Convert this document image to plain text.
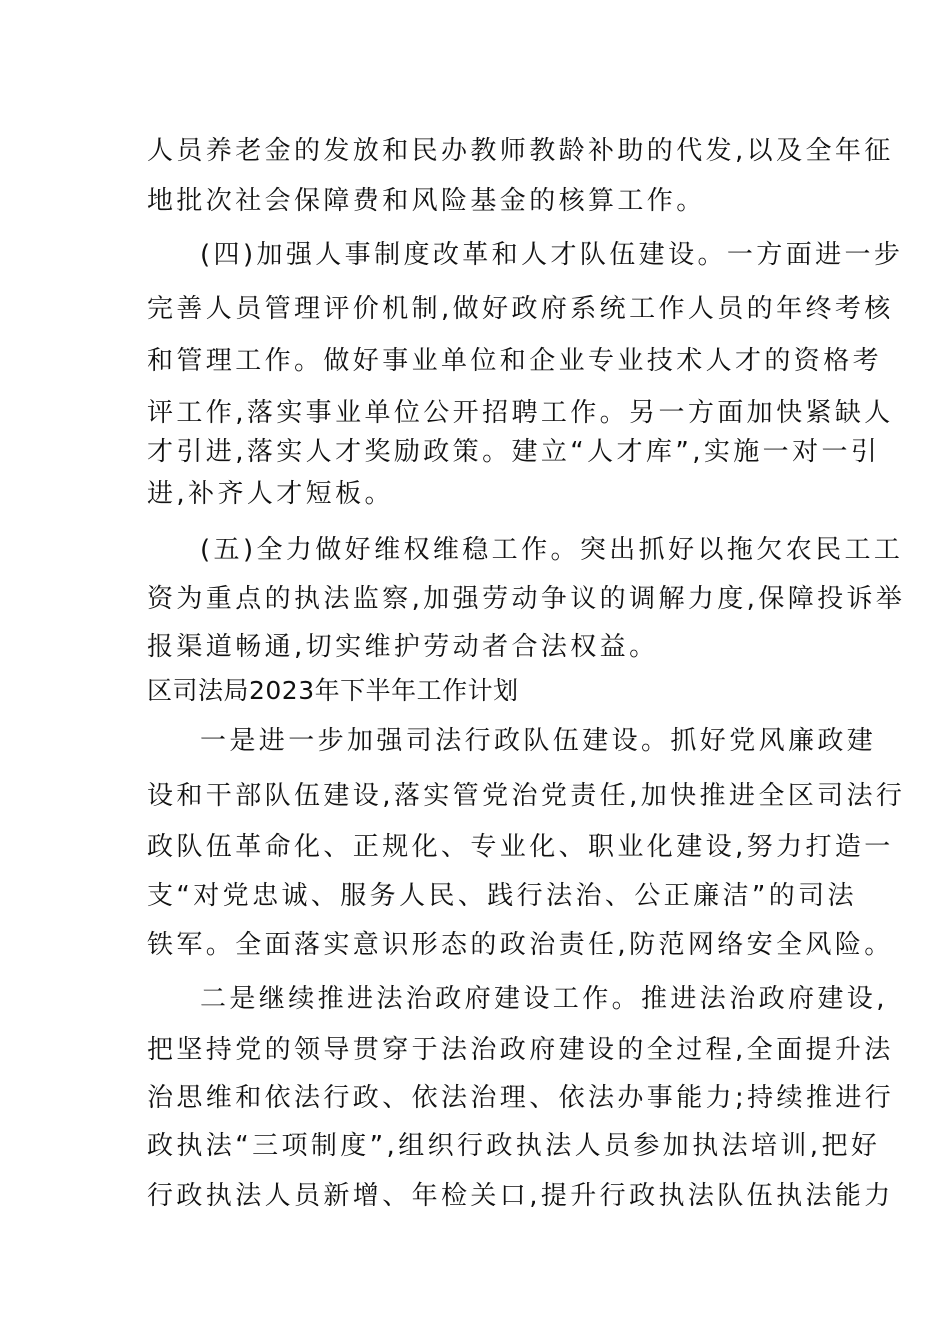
人员养老金的发放和民办教师教龄补助的代发,以及全年征
地批次社会保障费和风险基金的核算工作。
(四)加强人事制度改革和人才队伍建设。一方面进一步
完善人员管理评价机制,做好政府系统工作人员的年终考核
和管理工作。做好事业单位和企业专业技术人才的资格考
评工作,落实事业单位公开招聘工作。另一方面加快紧缺人
才引进,落实人才奖励政策。建立“人才库”,实施一对一引
进,补齐人才短板。
(五)全力做好维权维稳工作。突出抓好以拖欠农民工工
资为重点的执法监察,加强劳动争议的调解力度,保障投诉举
报渠道畅通,切实维护劳动者合法权益。
区司法局2023年下半年工作计划
一是进一步加强司法行政队伍建设。抓好党风廉政建
设和干部队伍建设,落实管党治党责任,加快推进全区司法行
政队伍革命化、正规化、专业化、职业化建设,努力打造一
支“对党忠诚、服务人民、践行法治、公正廉洁”的司法
铁军。全面落实意识形态的政治责任,防范网络安全风险。
二是继续推进法治政府建设工作。推进法治政府建设,
把坚持党的领导贯穿于法治政府建设的全过程,全面提升法
治思维和依法行政、依法治理、依法办事能力;持续推进行
政执法“三项制度”,组织行政执法人员参加执法培训,把好
行政执法人员新增、年检关口,提升行政执法队伍执法能力
